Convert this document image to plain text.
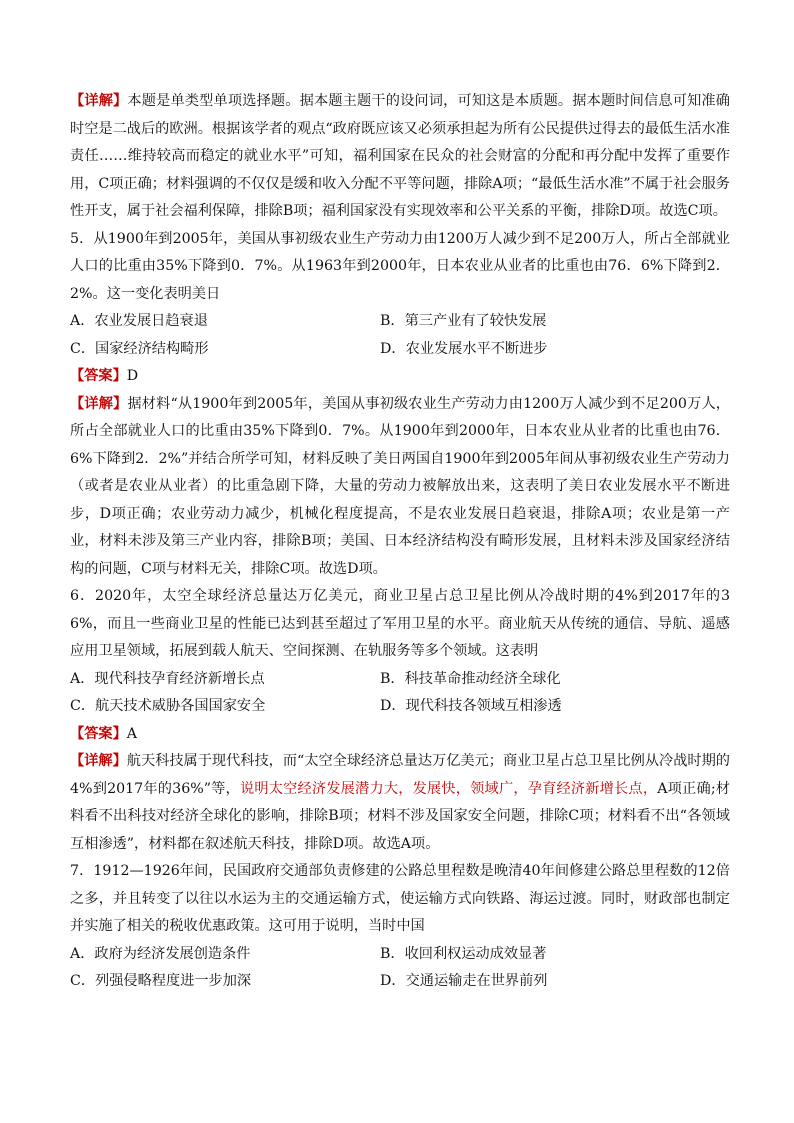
【详解】本题是单类型单项选择题。据本题主题干的设问词，可知这是本质题。据本题时间信息可知准确时空是二战后的欧洲。根据该学者的观点“政府既应该又必须承担起为所有公民提供过得去的最低生活水准责任……维持较高而稳定的就业水平”可知，福利国家在民众的社会财富的分配和再分配中发挥了重要作用，C项正确；材料强调的不仅仅是缓和收入分配不平等问题，排除A项；“最低生活水准”不属于社会服务性开支，属于社会福利保障，排除B项；福利国家没有实现效率和公平关系的平衡，排除D项。故选C项。

5．从1900年到2005年，美国从事初级农业生产劳动力由1200万人减少到不足200万人，所占全部就业人口的比重由35%下降到0．7%。从1963年到2000年，日本农业从业者的比重也由76．6%下降到2．2%。这一变化表明美日

A．农业发展日趋衰退	B．第三产业有了较快发展
C．国家经济结构畸形	D．农业发展水平不断进步

【答案】D

【详解】据材料“从1900年到2005年，美国从事初级农业生产劳动力由1200万人减少到不足200万人，所占全部就业人口的比重由35%下降到0．7%。从1900年到2000年，日本农业从业者的比重也由76．6%下降到2．2%”并结合所学可知，材料反映了美日两国自1900年到2005年间从事初级农业生产劳动力（或者是农业从业者）的比重急剧下降，大量的劳动力被解放出来，这表明了美日农业发展水平不断进步，D项正确；农业劳动力减少，机械化程度提高，不是农业发展日趋衰退，排除A项；农业是第一产业，材料未涉及第三产业内容，排除B项；美国、日本经济结构没有畸形发展，且材料未涉及国家经济结构的问题，C项与材料无关，排除C项。故选D项。

6．2020年，太空全球经济总量达万亿美元，商业卫星占总卫星比例从冷战时期的4%到2017年的36%，而且一些商业卫星的性能已达到甚至超过了军用卫星的水平。商业航天从传统的通信、导航、遥感应用卫星领域，拓展到载人航天、空间探测、在轨服务等多个领域。这表明

A．现代科技孕育经济新增长点	B．科技革命推动经济全球化
C．航天技术威胁各国国家安全	D．现代科技各领域互相渗透

【答案】A

【详解】航天科技属于现代科技，而“太空全球经济总量达万亿美元；商业卫星占总卫星比例从冷战时期的4%到2017年的36%”等，说明太空经济发展潜力大，发展快，领域广，孕育经济新增长点，A项正确;材料看不出科技对经济全球化的影响，排除B项；材料不涉及国家安全问题，排除C项；材料看不出“各领域互相渗透”，材料都在叙述航天科技，排除D项。故选A项。

7．1912—1926年间，民国政府交通部负责修建的公路总里程数是晚清40年间修建公路总里程数的12倍之多，并且转变了以往以水运为主的交通运输方式，使运输方式向铁路、海运过渡。同时，财政部也制定并实施了相关的税收优惠政策。这可用于说明，当时中国

A．政府为经济发展创造条件	B．收回利权运动成效显著
C．列强侵略程度进一步加深	D．交通运输走在世界前列
